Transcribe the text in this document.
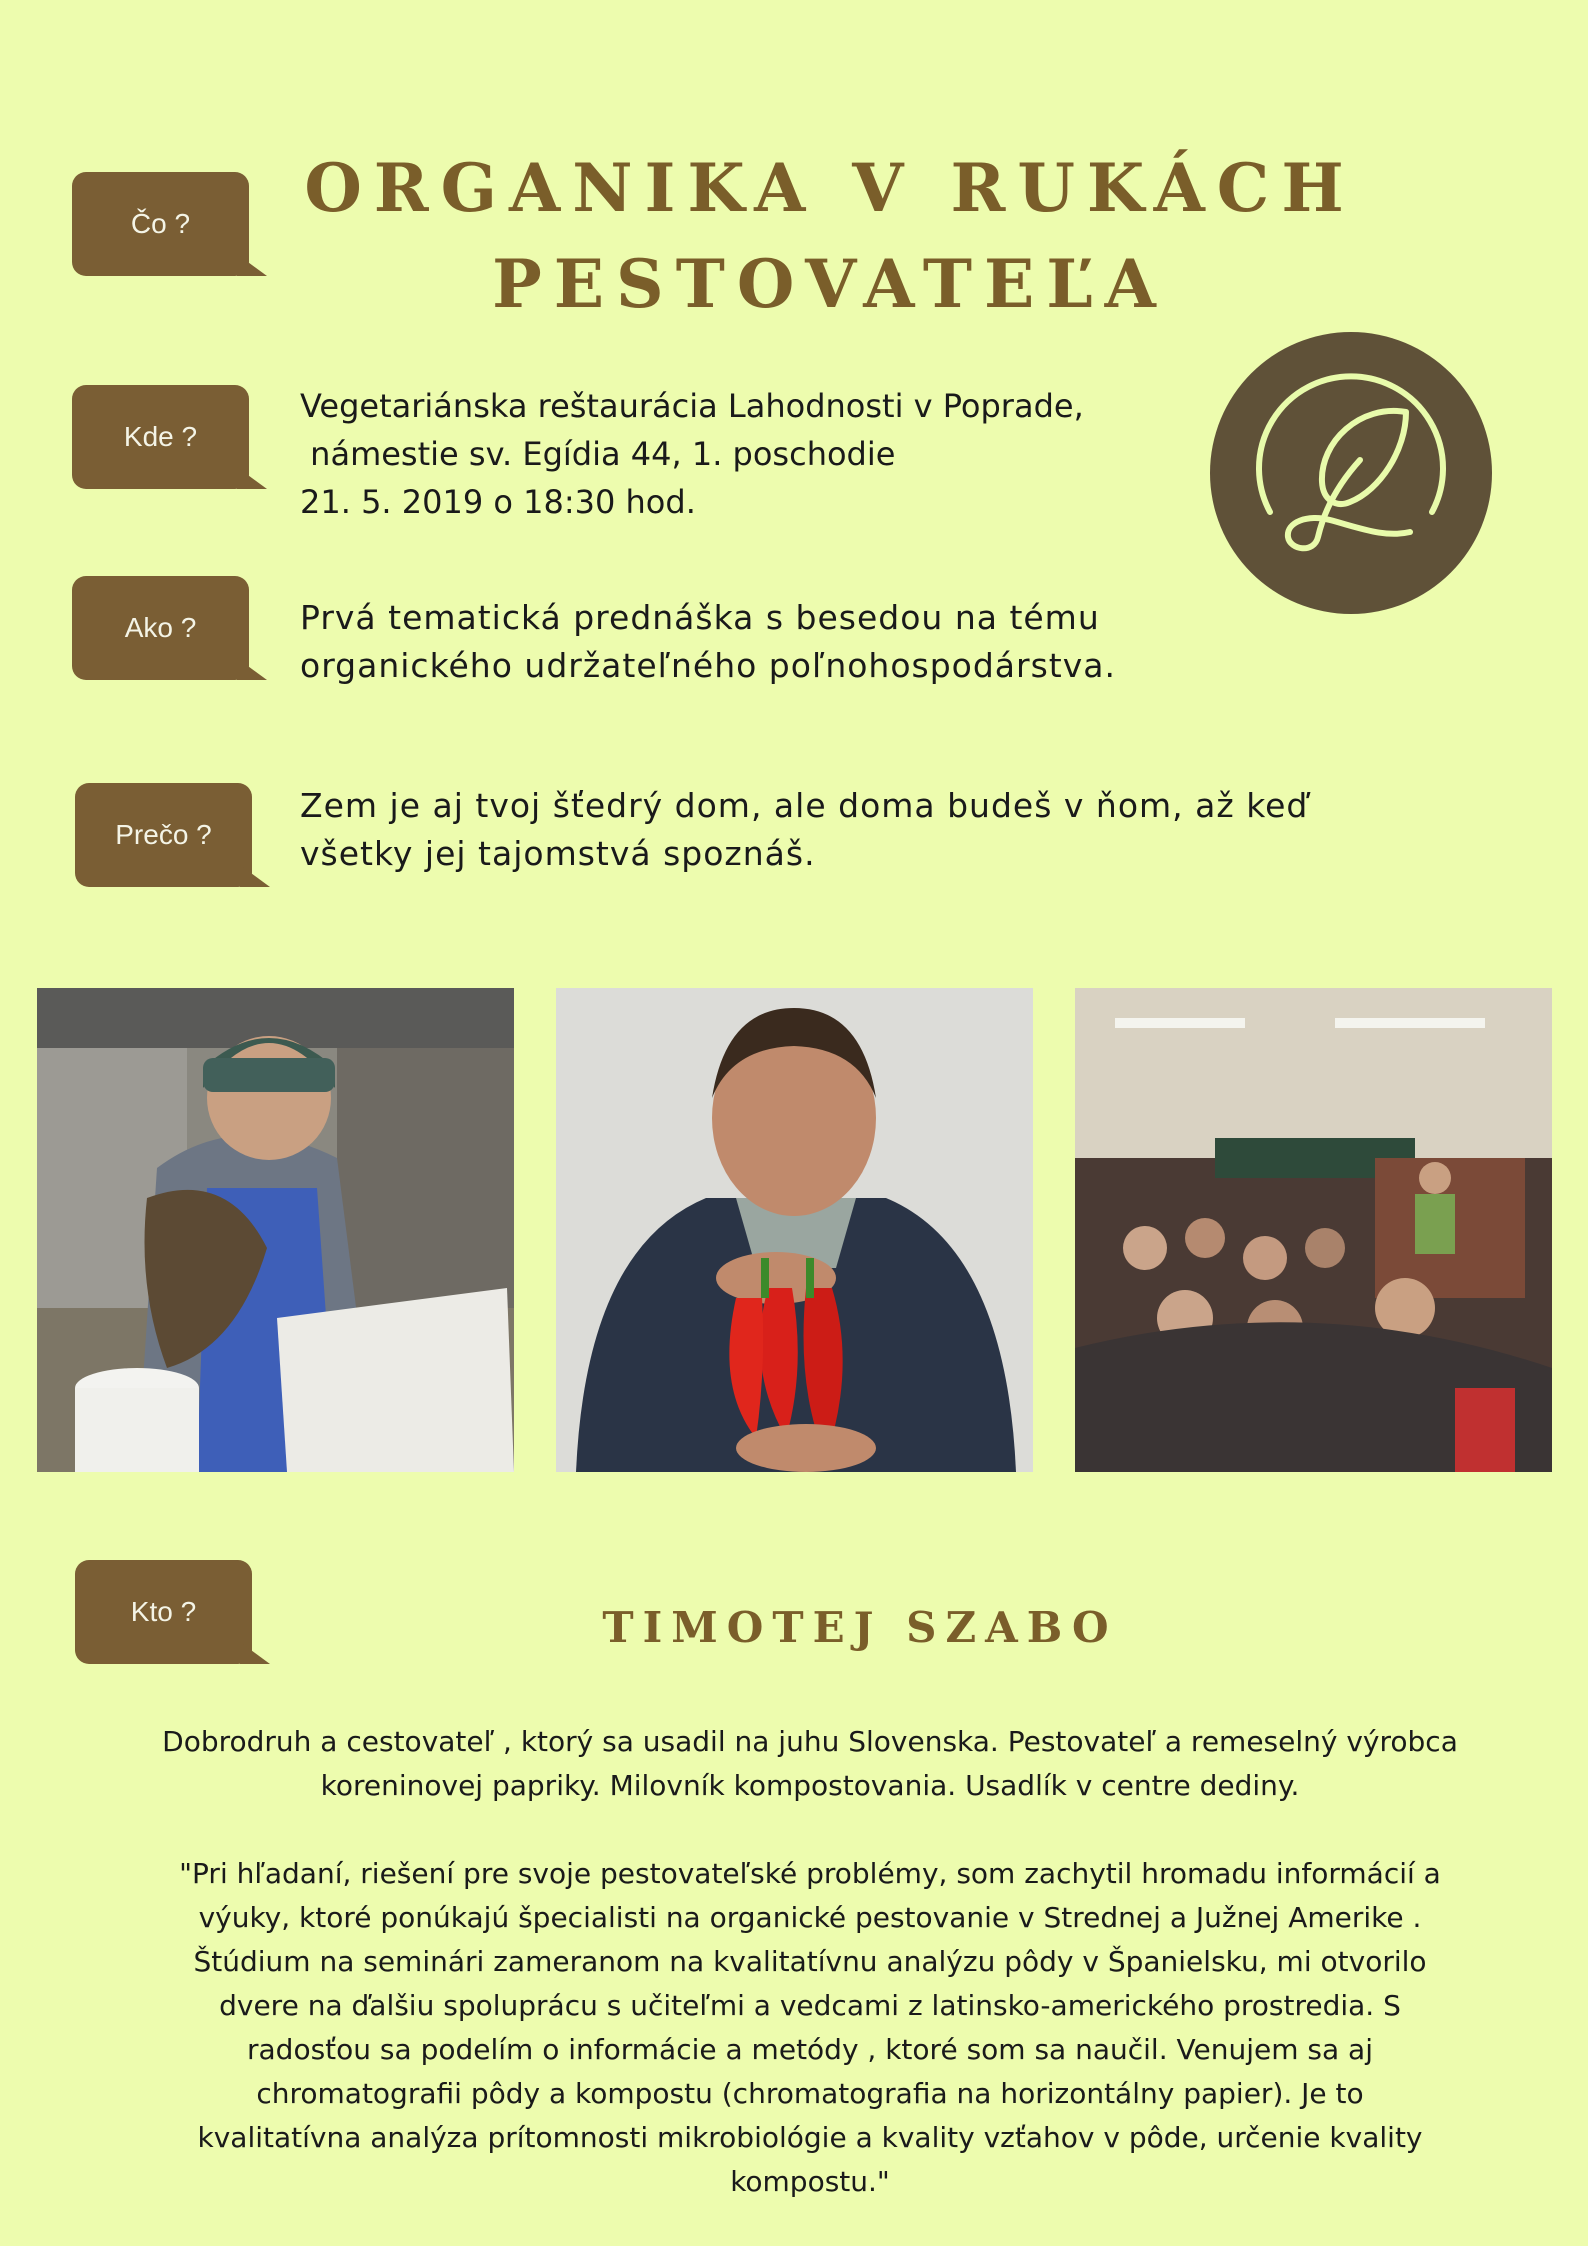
Čo ?
Kde ?
Ako ?
Prečo ?
Kto ?
ORGANIKA V RUKÁCH
PESTOVATEĽA
Vegetariánska reštaurácia Lahodnosti v Poprade,
námestie sv. Egídia 44, 1. poschodie
21. 5. 2019 o 18:30 hod.
Prvá tematická prednáška s besedou na tému
organického udržateľného poľnohospodárstva.
Zem je aj tvoj šťedrý dom, ale doma budeš v ňom, až keď
všetky jej tajomstvá spoznáš.
TIMOTEJ SZABO
Dobrodruh a cestovateľ , ktorý sa usadil na juhu Slovenska. Pestovateľ a remeselný výrobca
koreninovej papriky. Milovník kompostovania. Usadlík v centre dediny.
"Pri hľadaní, riešení pre svoje pestovateľské problémy, som zachytil hromadu informácií a
výuky, ktoré ponúkajú špecialisti na organické pestovanie v Strednej a Južnej Amerike .
Štúdium na seminári zameranom na kvalitatívnu analýzu pôdy v Španielsku, mi otvorilo
dvere na ďalšiu spoluprácu s učiteľmi a vedcami z latinsko-amerického prostredia. S
radosťou sa podelím o informácie a metódy , ktoré som sa naučil. Venujem sa aj
chromatografii pôdy a kompostu (chromatografia na horizontálny papier). Je to
kvalitatívna analýza prítomnosti mikrobiológie a kvality vzťahov v pôde, určenie kvality
kompostu."
